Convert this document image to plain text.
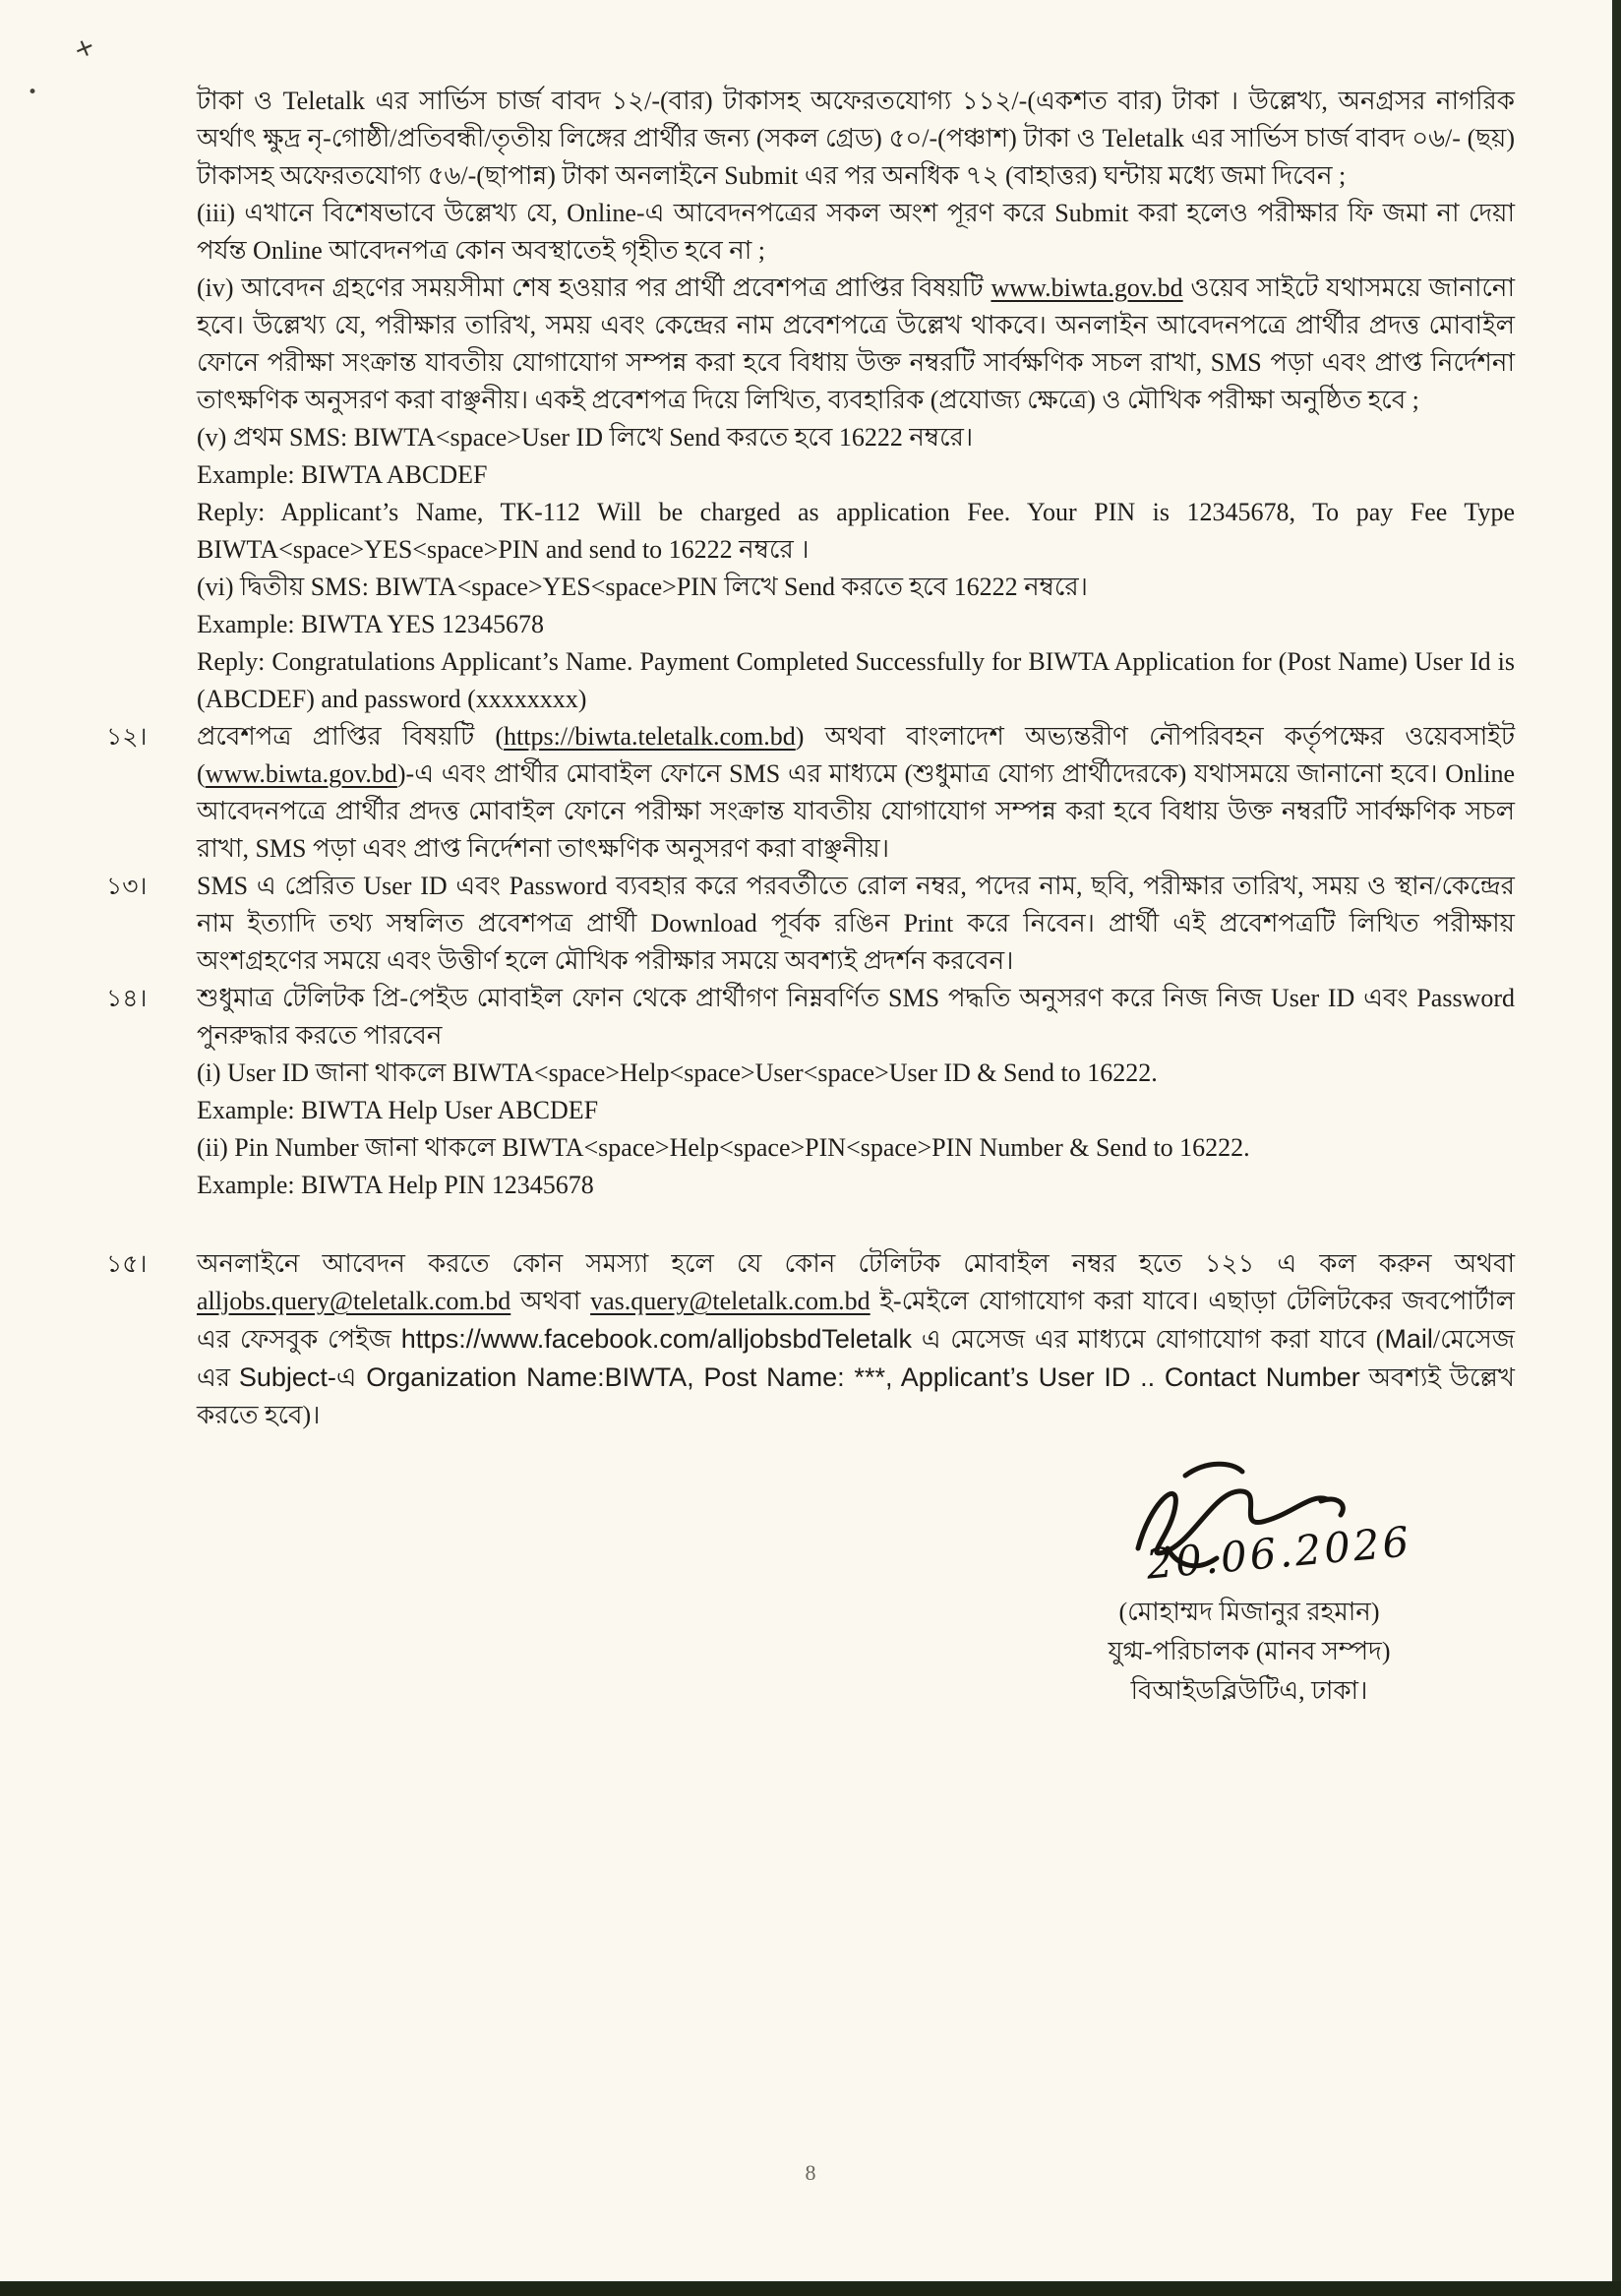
✕
•	টাকা ও Teletalk এর সার্ভিস চার্জ বাবদ ১২/-(বার) টাকাসহ অফেরতযোগ্য ১১২/-(একশত বার) টাকা । উল্লেখ্য, অনগ্রসর নাগরিক অর্থাৎ ক্ষুদ্র নৃ-গোষ্ঠী/প্রতিবন্ধী/তৃতীয় লিঙ্গের প্রার্থীর জন্য (সকল গ্রেড) ৫০/-(পঞ্চাশ) টাকা ও Teletalk এর সার্ভিস চার্জ বাবদ ০৬/- (ছয়) টাকাসহ অফেরতযোগ্য ৫৬/-(ছাপান্ন) টাকা অনলাইনে Submit এর পর অনধিক ৭২ (বাহাত্তর) ঘন্টায় মধ্যে জমা দিবেন ;

(iii) এখানে বিশেষভাবে উল্লেখ্য যে, Online-এ আবেদনপত্রের সকল অংশ পূরণ করে Submit করা হলেও পরীক্ষার ফি জমা না দেয়া পর্যন্ত Online আবেদনপত্র কোন অবস্থাতেই গৃহীত হবে না ;

(iv) আবেদন গ্রহণের সময়সীমা শেষ হওয়ার পর প্রার্থী প্রবেশপত্র প্রাপ্তির বিষয়টি www.biwta.gov.bd ওয়েব সাইটে যথাসময়ে জানানো হবে। উল্লেখ্য যে, পরীক্ষার তারিখ, সময় এবং কেন্দ্রের নাম প্রবেশপত্রে উল্লেখ থাকবে। অনলাইন আবেদনপত্রে প্রার্থীর প্রদত্ত মোবাইল ফোনে পরীক্ষা সংক্রান্ত যাবতীয় যোগাযোগ সম্পন্ন করা হবে বিধায় উক্ত নম্বরটি সার্বক্ষণিক সচল রাখা, SMS পড়া এবং প্রাপ্ত নির্দেশনা তাৎক্ষণিক অনুসরণ করা বাঞ্ছনীয়। একই প্রবেশপত্র দিয়ে লিখিত, ব্যবহারিক (প্রযোজ্য ক্ষেত্রে) ও মৌখিক পরীক্ষা অনুষ্ঠিত হবে ;

(v) প্রথম SMS: BIWTA<space>User ID লিখে Send করতে হবে 16222 নম্বরে।

Example: BIWTA ABCDEF

Reply: Applicant’s Name, TK-112 Will be charged as application Fee. Your PIN is 12345678, To pay Fee Type BIWTA<space>YES<space>PIN and send to 16222 নম্বরে ।

(vi) দ্বিতীয় SMS: BIWTA<space>YES<space>PIN লিখে Send করতে হবে 16222 নম্বরে।

Example: BIWTA YES 12345678

Reply: Congratulations Applicant’s Name. Payment Completed Successfully for BIWTA Application for (Post Name) User Id is (ABCDEF) and password (xxxxxxxx)

১২। প্রবেশপত্র প্রাপ্তির বিষয়টি (https://biwta.teletalk.com.bd) অথবা বাংলাদেশ অভ্যন্তরীণ নৌপরিবহন কর্তৃপক্ষের ওয়েবসাইট (www.biwta.gov.bd)-এ এবং প্রার্থীর মোবাইল ফোনে SMS এর মাধ্যমে (শুধুমাত্র যোগ্য প্রার্থীদেরকে) যথাসময়ে জানানো হবে। Online আবেদনপত্রে প্রার্থীর প্রদত্ত মোবাইল ফোনে পরীক্ষা সংক্রান্ত যাবতীয় যোগাযোগ সম্পন্ন করা হবে বিধায় উক্ত নম্বরটি সার্বক্ষণিক সচল রাখা, SMS পড়া এবং প্রাপ্ত নির্দেশনা তাৎক্ষণিক অনুসরণ করা বাঞ্ছনীয়।

১৩। SMS এ প্রেরিত User ID এবং Password ব্যবহার করে পরবর্তীতে রোল নম্বর, পদের নাম, ছবি, পরীক্ষার তারিখ, সময় ও স্থান/কেন্দ্রের নাম ইত্যাদি তথ্য সম্বলিত প্রবেশপত্র প্রার্থী Download পূর্বক রঙিন Print করে নিবেন। প্রার্থী এই প্রবেশপত্রটি লিখিত পরীক্ষায় অংশগ্রহণের সময়ে এবং উত্তীর্ণ হলে মৌখিক পরীক্ষার সময়ে অবশ্যই প্রদর্শন করবেন।

১৪। শুধুমাত্র টেলিটক প্রি-পেইড মোবাইল ফোন থেকে প্রার্থীগণ নিম্নবর্ণিত SMS পদ্ধতি অনুসরণ করে নিজ নিজ User ID এবং Password পুনরুদ্ধার করতে পারবেন

(i) User ID জানা থাকলে BIWTA<space>Help<space>User<space>User ID & Send to 16222.

Example: BIWTA Help User ABCDEF

(ii) Pin Number জানা থাকলে BIWTA<space>Help<space>PIN<space>PIN Number & Send to 16222.

Example: BIWTA Help PIN 12345678

১৫। অনলাইনে আবেদন করতে কোন সমস্যা হলে যে কোন টেলিটক মোবাইল নম্বর হতে ১২১ এ কল করুন অথবা alljobs.query@teletalk.com.bd অথবা vas.query@teletalk.com.bd ই-মেইলে যোগাযোগ করা যাবে। এছাড়া টেলিটকের জবপোর্টাল এর ফেসবুক পেইজ https://www.facebook.com/alljobsbdTeletalk এ মেসেজ এর মাধ্যমে যোগাযোগ করা যাবে (Mail/মেসেজ এর Subject-এ Organization Name:BIWTA, Post Name: ***, Applicant’s User ID .. Contact Number অবশ্যই উল্লেখ করতে হবে)।

20.06.2026
(মোহাম্মদ মিজানুর রহমান)
যুগ্ম-পরিচালক (মানব সম্পদ)
বিআইডব্লিউটিএ, ঢাকা।
8
